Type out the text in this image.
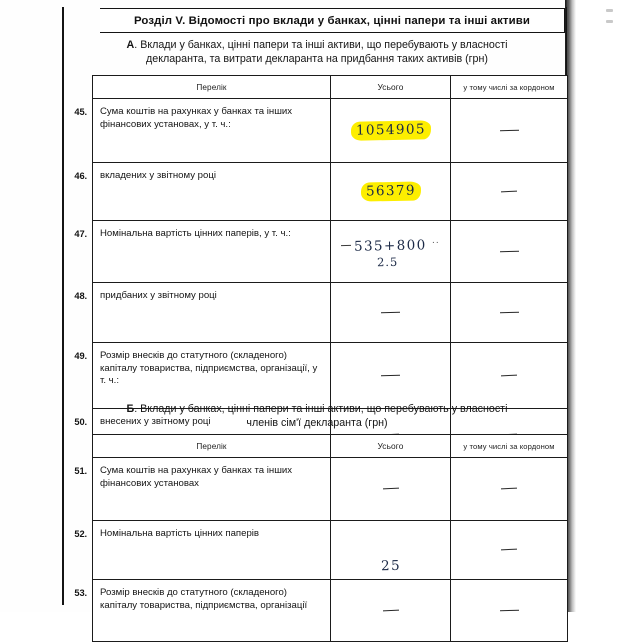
Розділ V. Відомості про вклади у банках, цінні папери та інші активи
А. Вклади у банках, цінні папери та інші активи, що перебувають у власності
декларанта, та витрати декларанта на придбання таких активів (грн)
Перелік	Усього	у тому числі за кордоном

45. Сума коштів на рахунках у банках та інших фінансових установах, у т. ч.:	1054905	

46. вкладених у звітному році	56379	

47. Номінальна вартість цінних паперів, у т. ч.:	535+800 ..
2.5	

48. придбаних у звітному році		

49. Розмір внесків до статутного (складеного) капіталу товариства, підприємства, організації, у т. ч.:		

50. внесених у звітному році		
Б. Вклади у банках, цінні папери та інші активи, що перебувають у власності
членів сім'ї декларанта (грн)
Перелік	Усього	у тому числі за кордоном

51. Сума коштів на рахунках у банках та інших фінансових установах		

52. Номінальна вартість цінних паперів	25	

53. Розмір внесків до статутного (складеного) капіталу товариства, підприємства, організації		
